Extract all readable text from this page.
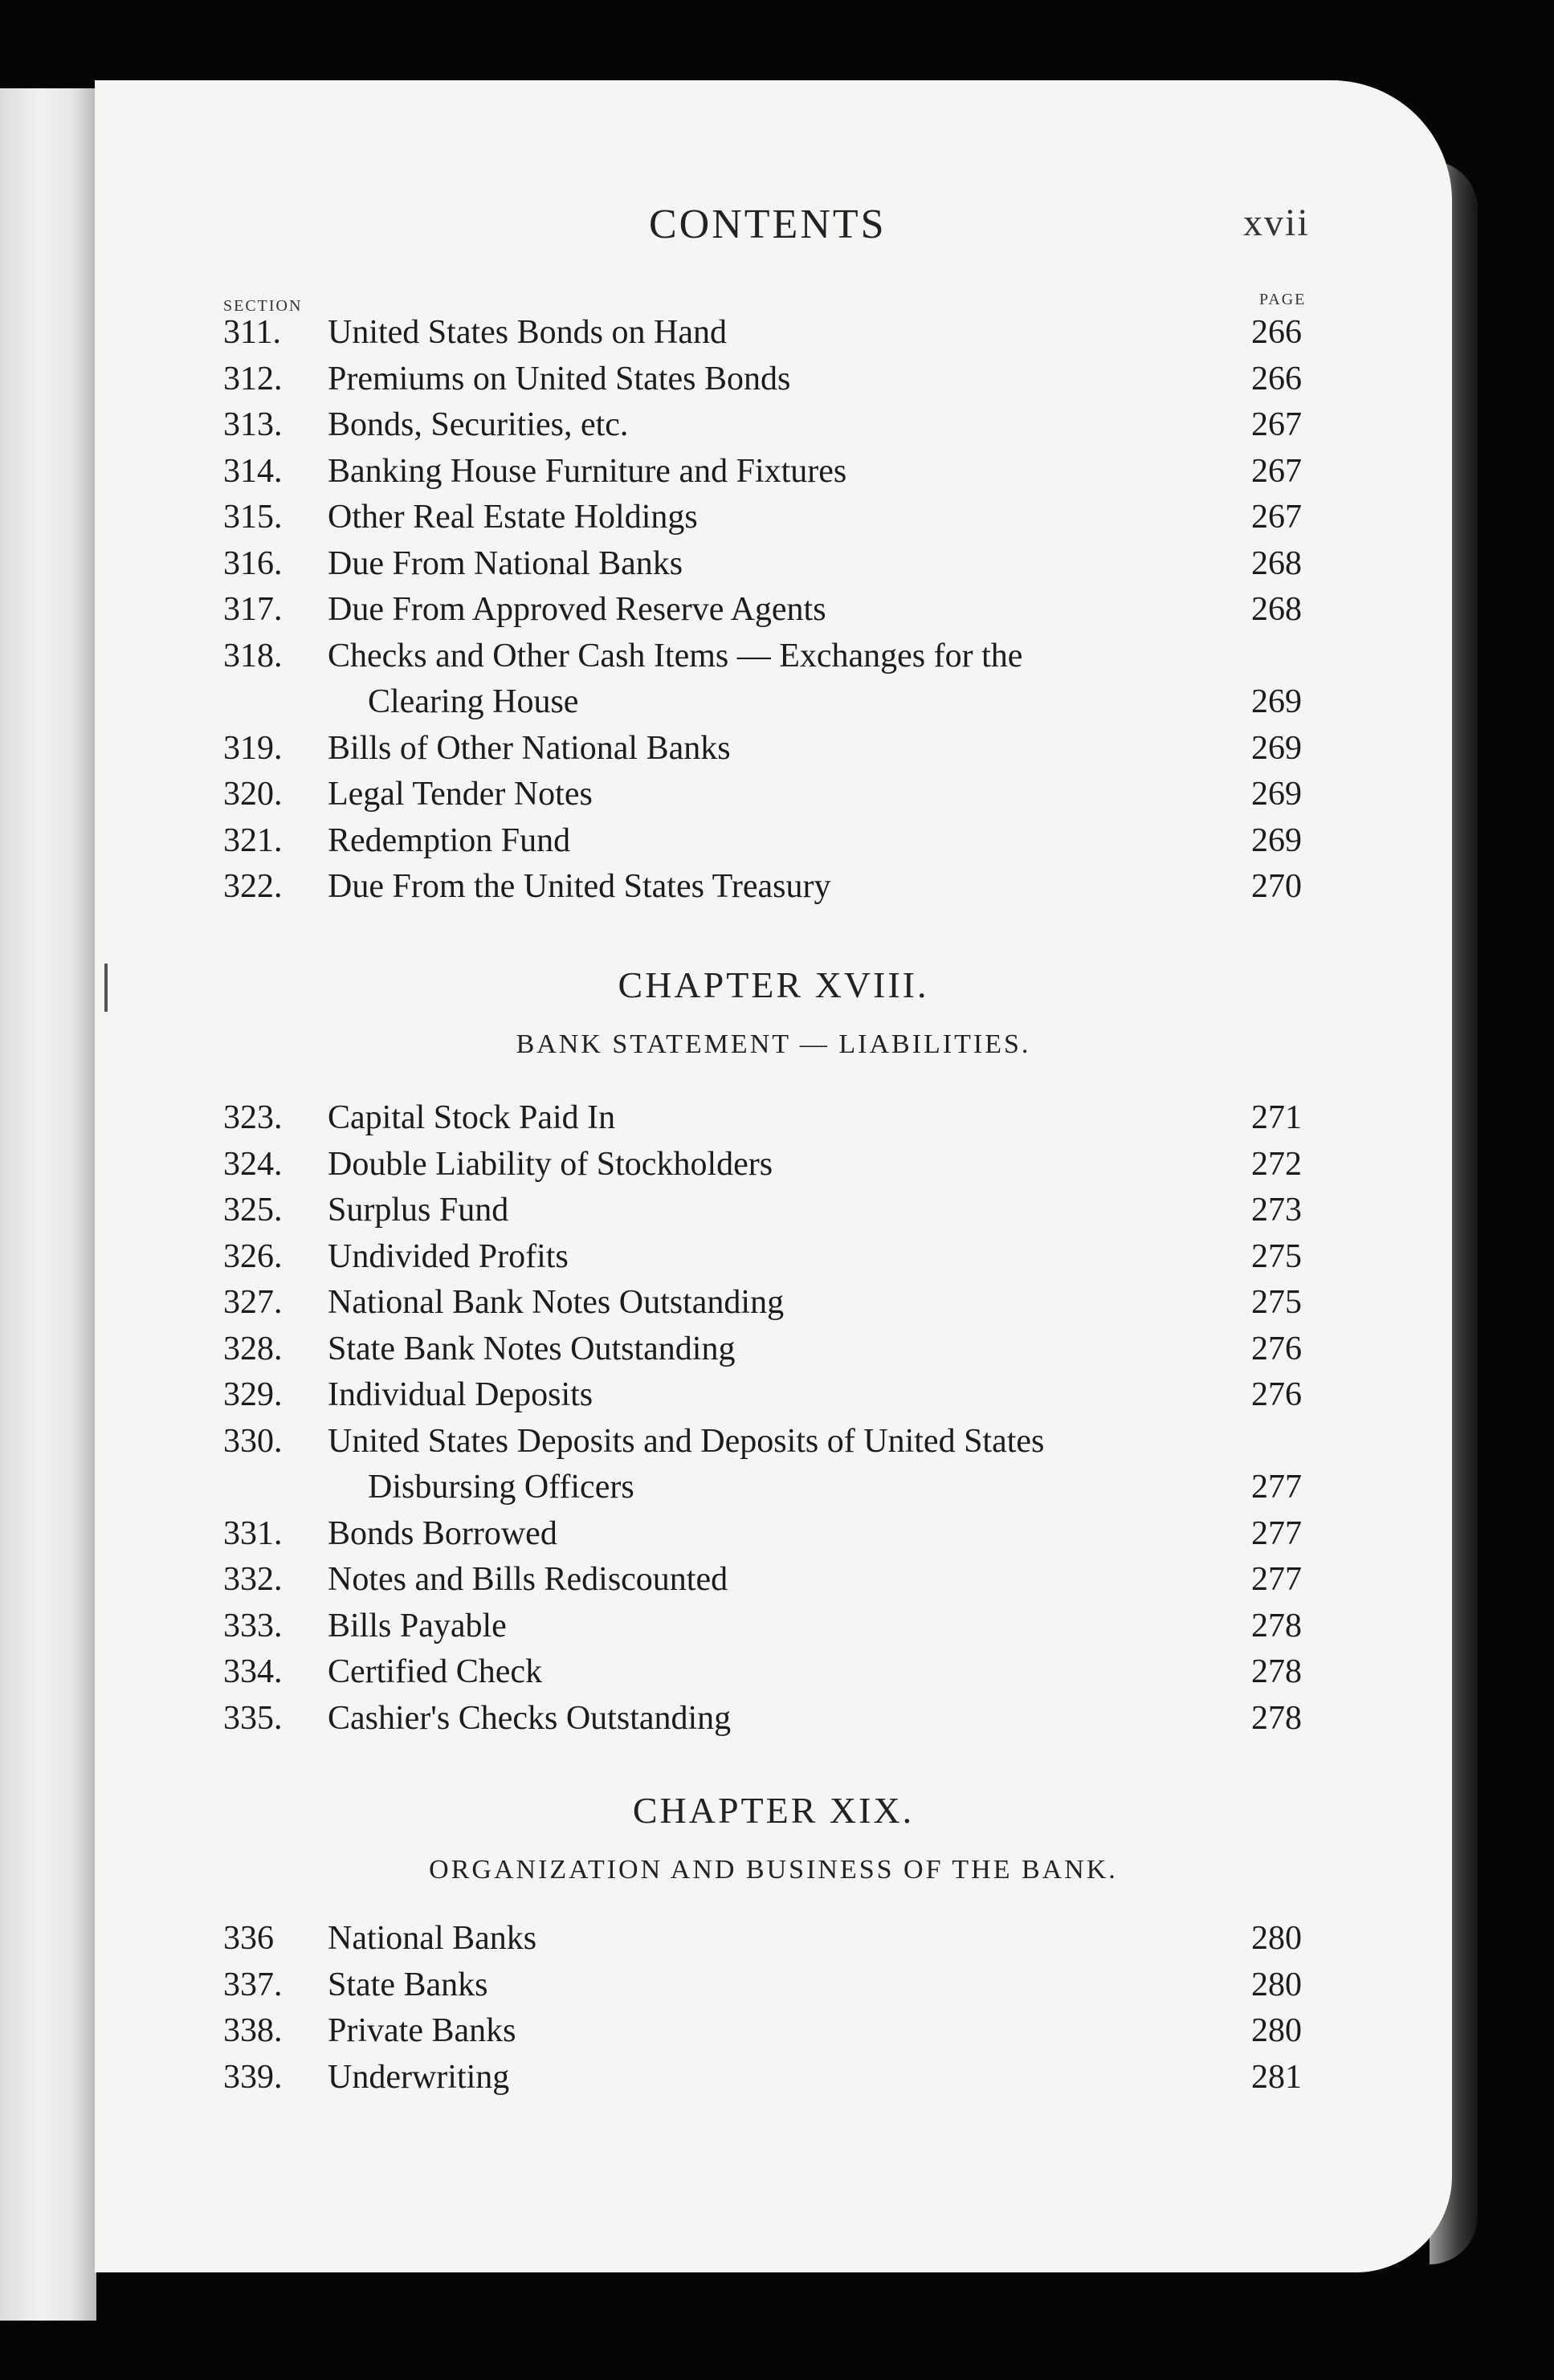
CONTENTS	xvii
SECTION	PAGE
311. United States Bonds on Hand . . .	266
312. Premiums on United States Bonds . . .	266
313. Bonds, Securities, etc. . . .	267
314. Banking House Furniture and Fixtures . . .	267
315. Other Real Estate Holdings . . .	267
316. Due From National Banks . . .	268
317. Due From Approved Reserve Agents . . .	268
318. Checks and Other Cash Items — Exchanges for the
Clearing House . . .	269
319. Bills of Other National Banks . . .	269
320. Legal Tender Notes . . .	269
321. Redemption Fund . . .	269
322. Due From the United States Treasury . . .	270
CHAPTER XVIII.
BANK STATEMENT — LIABILITIES.
323. Capital Stock Paid In . . .	271
324. Double Liability of Stockholders . . .	272
325. Surplus Fund . . .	273
326. Undivided Profits . . .	275
327. National Bank Notes Outstanding . . .	275
328. State Bank Notes Outstanding . . .	276
329. Individual Deposits . . .	276
330. United States Deposits and Deposits of United States
Disbursing Officers . . .	277
331. Bonds Borrowed . . .	277
332. Notes and Bills Rediscounted . . .	277
333. Bills Payable . . .	278
334. Certified Check . . .	278
335. Cashier's Checks Outstanding . . .	278
CHAPTER XIX.
ORGANIZATION AND BUSINESS OF THE BANK.
336 National Banks . . .	280
337. State Banks . . .	280
338. Private Banks . . .	280
339. Underwriting . . .	281
